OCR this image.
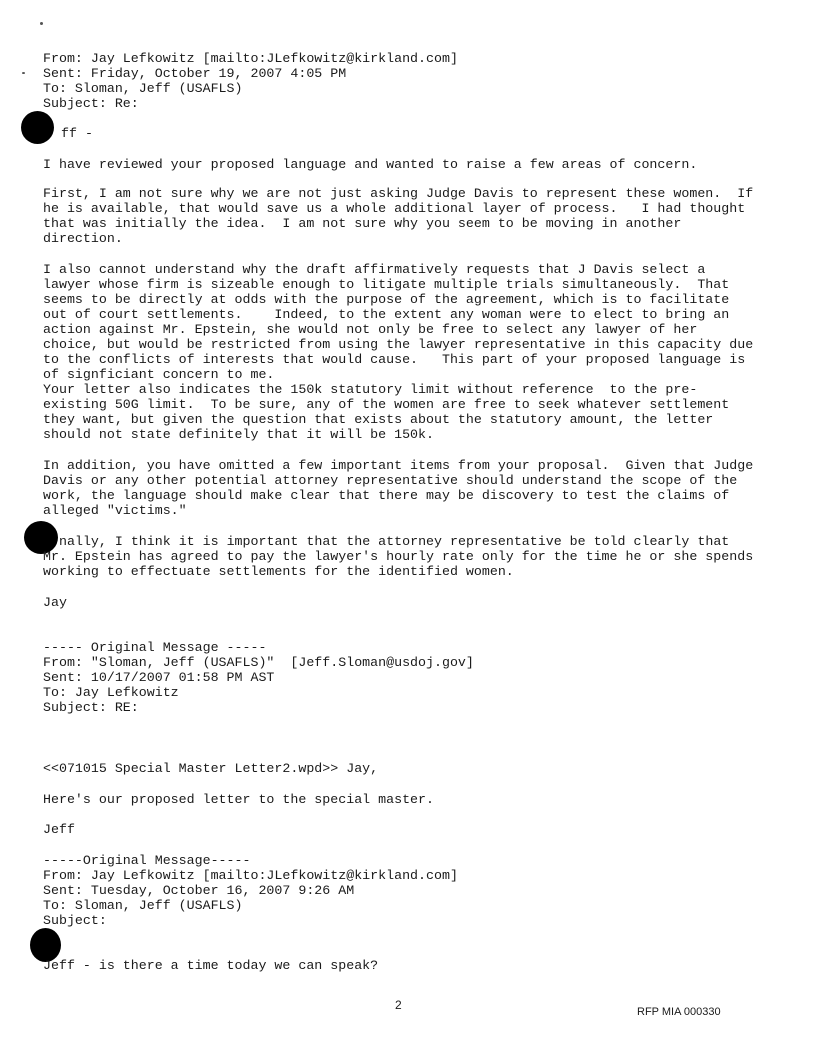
From: Jay Lefkowitz [mailto:JLefkowitz@kirkland.com]
Sent: Friday, October 19, 2007 4:05 PM
To: Sloman, Jeff (USAFLS)
Subject: Re:
ff -
I have reviewed your proposed language and wanted to raise a few areas of concern.
First, I am not sure why we are not just asking Judge Davis to represent these women.  If
he is available, that would save us a whole additional layer of process.   I had thought
that was initially the idea.  I am not sure why you seem to be moving in another
direction.
I also cannot understand why the draft affirmatively requests that J Davis select a
lawyer whose firm is sizeable enough to litigate multiple trials simultaneously.  That
seems to be directly at odds with the purpose of the agreement, which is to facilitate
out of court settlements.    Indeed, to the extent any woman were to elect to bring an
action against Mr. Epstein, she would not only be free to select any lawyer of her
choice, but would be restricted from using the lawyer representative in this capacity due
to the conflicts of interests that would cause.   This part of your proposed language is
of signficiant concern to me.
Your letter also indicates the 150k statutory limit without reference  to the pre-
existing 50G limit.  To be sure, any of the women are free to seek whatever settlement
they want, but given the question that exists about the statutory amount, the letter
should not state definitely that it will be 150k.
In addition, you have omitted a few important items from your proposal.  Given that Judge
Davis or any other potential attorney representative should understand the scope of the
work, the language should make clear that there may be discovery to test the claims of
alleged "victims."
nally, I think it is important that the attorney representative be told clearly that
Mr. Epstein has agreed to pay the lawyer's hourly rate only for the time he or she spends
working to effectuate settlements for the identified women.
Jay
----- Original Message -----
From: "Sloman, Jeff (USAFLS)"  [Jeff.Sloman@usdoj.gov]
Sent: 10/17/2007 01:58 PM AST
To: Jay Lefkowitz
Subject: RE:
<<071015 Special Master Letter2.wpd>> Jay,
Here's our proposed letter to the special master.
Jeff
-----Original Message-----
From: Jay Lefkowitz [mailto:JLefkowitz@kirkland.com]
Sent: Tuesday, October 16, 2007 9:26 AM
To: Sloman, Jeff (USAFLS)
Subject:
Jeff - is there a time today we can speak?
2	RFP MIA 000330
